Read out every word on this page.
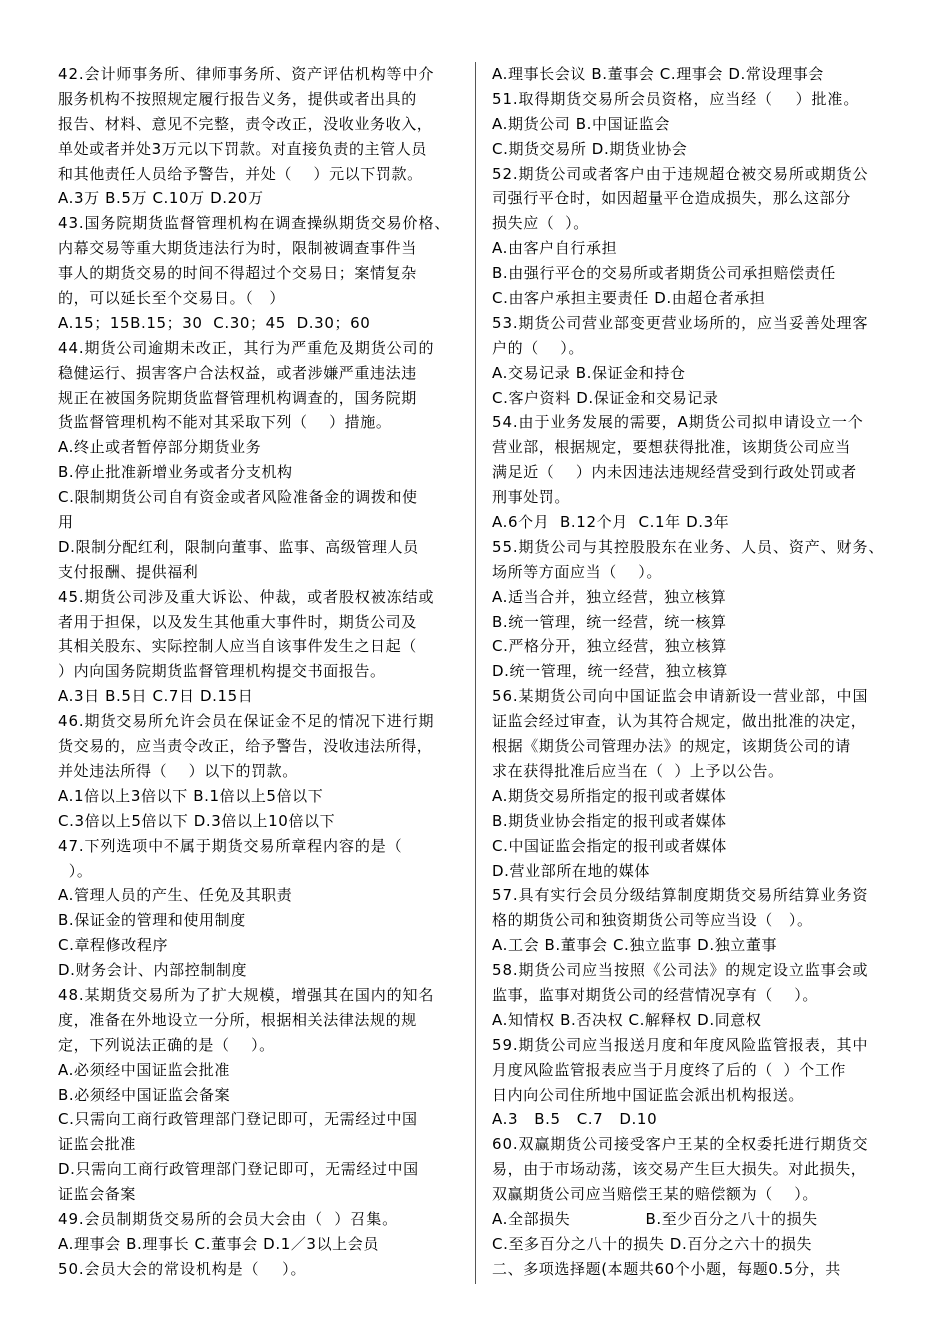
42.会计师事务所、律师事务所、资产评估机构等中介
服务机构不按照规定履行报告义务，提供或者出具的
报告、材料、意见不完整，责令改正，没收业务收入，
单处或者并处3万元以下罚款。对直接负责的主管人员
和其他责任人员给予警告，并处（    ）元以下罚款。
A.3万 B.5万 C.10万 D.20万
43.国务院期货监督管理机构在调查操纵期货交易价格、
内幕交易等重大期货违法行为时，限制被调查事件当
事人的期货交易的时间不得超过个交易日；案情复杂
的，可以延长至个交易日。（   ）
A.15；15B.15；30  C.30；45  D.30；60
44.期货公司逾期未改正，其行为严重危及期货公司的
稳健运行、损害客户合法权益，或者涉嫌严重违法违
规正在被国务院期货监督管理机构调查的，国务院期
货监督管理机构不能对其采取下列（    ）措施。
A.终止或者暂停部分期货业务
B.停止批准新增业务或者分支机构
C.限制期货公司自有资金或者风险准备金的调拨和使
用
D.限制分配红利，限制向董事、监事、高级管理人员
支付报酬、提供福利
45.期货公司涉及重大诉讼、仲裁，或者股权被冻结或
者用于担保，以及发生其他重大事件时，期货公司及
其相关股东、实际控制人应当自该事件发生之日起（
）内向国务院期货监督管理机构提交书面报告。
A.3日 B.5日 C.7日 D.15日
46.期货交易所允许会员在保证金不足的情况下进行期
货交易的，应当责令改正，给予警告，没收违法所得，
并处违法所得（    ）以下的罚款。
A.1倍以上3倍以下 B.1倍以上5倍以下
C.3倍以上5倍以下 D.3倍以上10倍以下
47.下列选项中不属于期货交易所章程内容的是（
）。
A.管理人员的产生、任免及其职责
B.保证金的管理和使用制度
C.章程修改程序
D.财务会计、内部控制制度
48.某期货交易所为了扩大规模，增强其在国内的知名
度，准备在外地设立一分所，根据相关法律法规的规
定，下列说法正确的是（    ）。
A.必须经中国证监会批准
B.必须经中国证监会备案
C.只需向工商行政管理部门登记即可，无需经过中国
证监会批准
D.只需向工商行政管理部门登记即可，无需经过中国
证监会备案
49.会员制期货交易所的会员大会由（  ）召集。
A.理事会 B.理事长 C.董事会 D.1／3以上会员
50.会员大会的常设机构是（    ）。
A.理事长会议 B.董事会 C.理事会 D.常设理事会
51.取得期货交易所会员资格，应当经（    ）批准。
A.期货公司 B.中国证监会
C.期货交易所 D.期货业协会
52.期货公司或者客户由于违规超仓被交易所或期货公
司强行平仓时，如因超量平仓造成损失，那么这部分
损失应（  ）。
A.由客户自行承担
B.由强行平仓的交易所或者期货公司承担赔偿责任
C.由客户承担主要责任 D.由超仓者承担
53.期货公司营业部变更营业场所的，应当妥善处理客
户的（    ）。
A.交易记录 B.保证金和持仓
C.客户资料 D.保证金和交易记录
54.由于业务发展的需要，A期货公司拟申请设立一个
营业部，根据规定，要想获得批准，该期货公司应当
满足近（    ）内未因违法违规经营受到行政处罚或者
刑事处罚。
A.6个月  B.12个月  C.1年 D.3年
55.期货公司与其控股股东在业务、人员、资产、财务、
场所等方面应当（    ）。
A.适当合并，独立经营，独立核算
B.统一管理，统一经营，统一核算
C.严格分开，独立经营，独立核算
D.统一管理，统一经营，独立核算
56.某期货公司向中国证监会申请新设一营业部，中国
证监会经过审查，认为其符合规定，做出批准的决定，
根据《期货公司管理办法》的规定，该期货公司的请
求在获得批准后应当在（  ）上予以公告。
A.期货交易所指定的报刊或者媒体
B.期货业协会指定的报刊或者媒体
C.中国证监会指定的报刊或者媒体
D.营业部所在地的媒体
57.具有实行会员分级结算制度期货交易所结算业务资
格的期货公司和独资期货公司等应当设（   ）。
A.工会 B.董事会 C.独立监事 D.独立董事
58.期货公司应当按照《公司法》的规定设立监事会或
监事，监事对期货公司的经营情况享有（    ）。
A.知情权 B.否决权 C.解释权 D.同意权
59.期货公司应当报送月度和年度风险监管报表，其中
月度风险监管报表应当于月度终了后的（  ）个工作
日内向公司住所地中国证监会派出机构报送。
A.3   B.5   C.7   D.10
60.双赢期货公司接受客户王某的全权委托进行期货交
易，由于市场动荡，该交易产生巨大损失。对此损失，
双赢期货公司应当赔偿王某的赔偿额为（    ）。
A.全部损失              B.至少百分之八十的损失
C.至多百分之八十的损失 D.百分之六十的损失
二、多项选择题(本题共60个小题，每题0.5分，共
